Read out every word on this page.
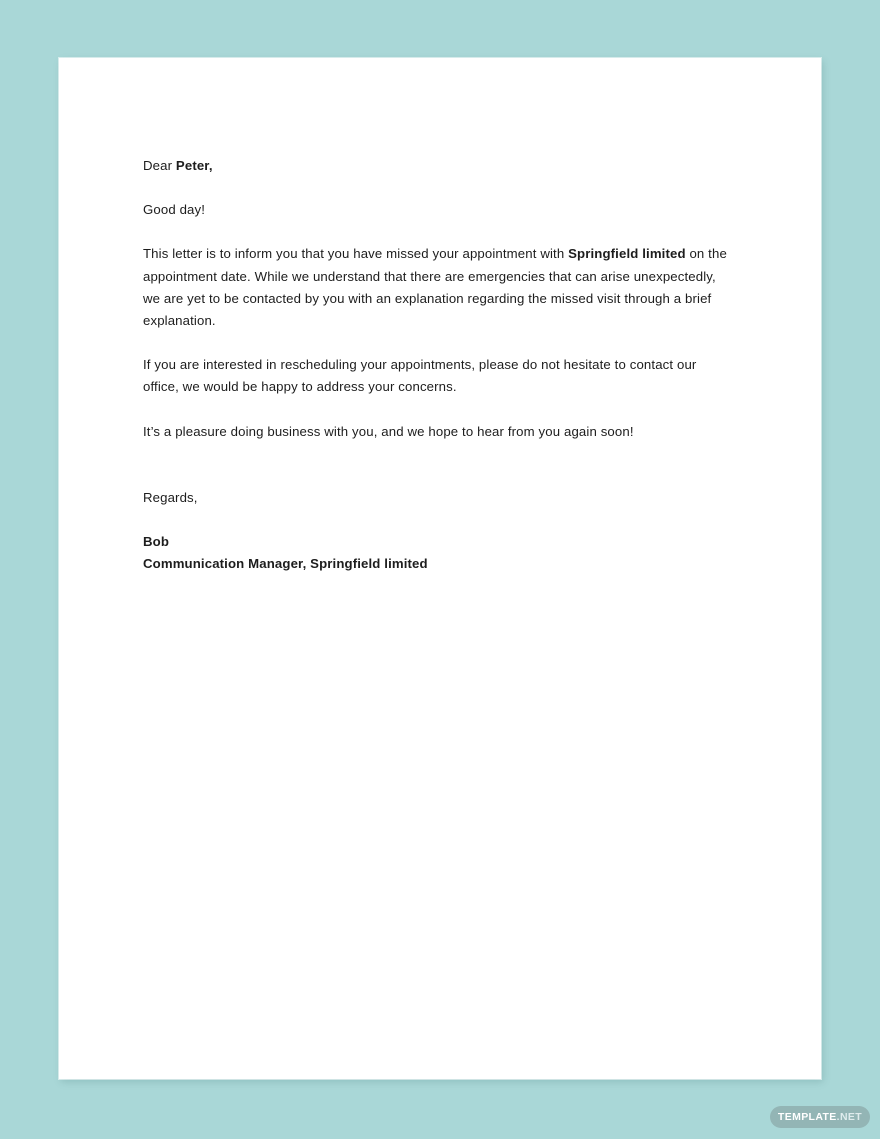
Dear Peter,

Good day!

This letter is to inform you that you have missed your appointment with Springfield limited on the appointment date. While we understand that there are emergencies that can arise unexpectedly, we are yet to be contacted by you with an explanation regarding the missed visit through a brief explanation.

If you are interested in rescheduling your appointments, please do not hesitate to contact our office, we would be happy to address your concerns.

It’s a pleasure doing business with you, and we hope to hear from you again soon!

Regards,

Bob
Communication Manager, Springfield limited

TEMPLATE .NET
